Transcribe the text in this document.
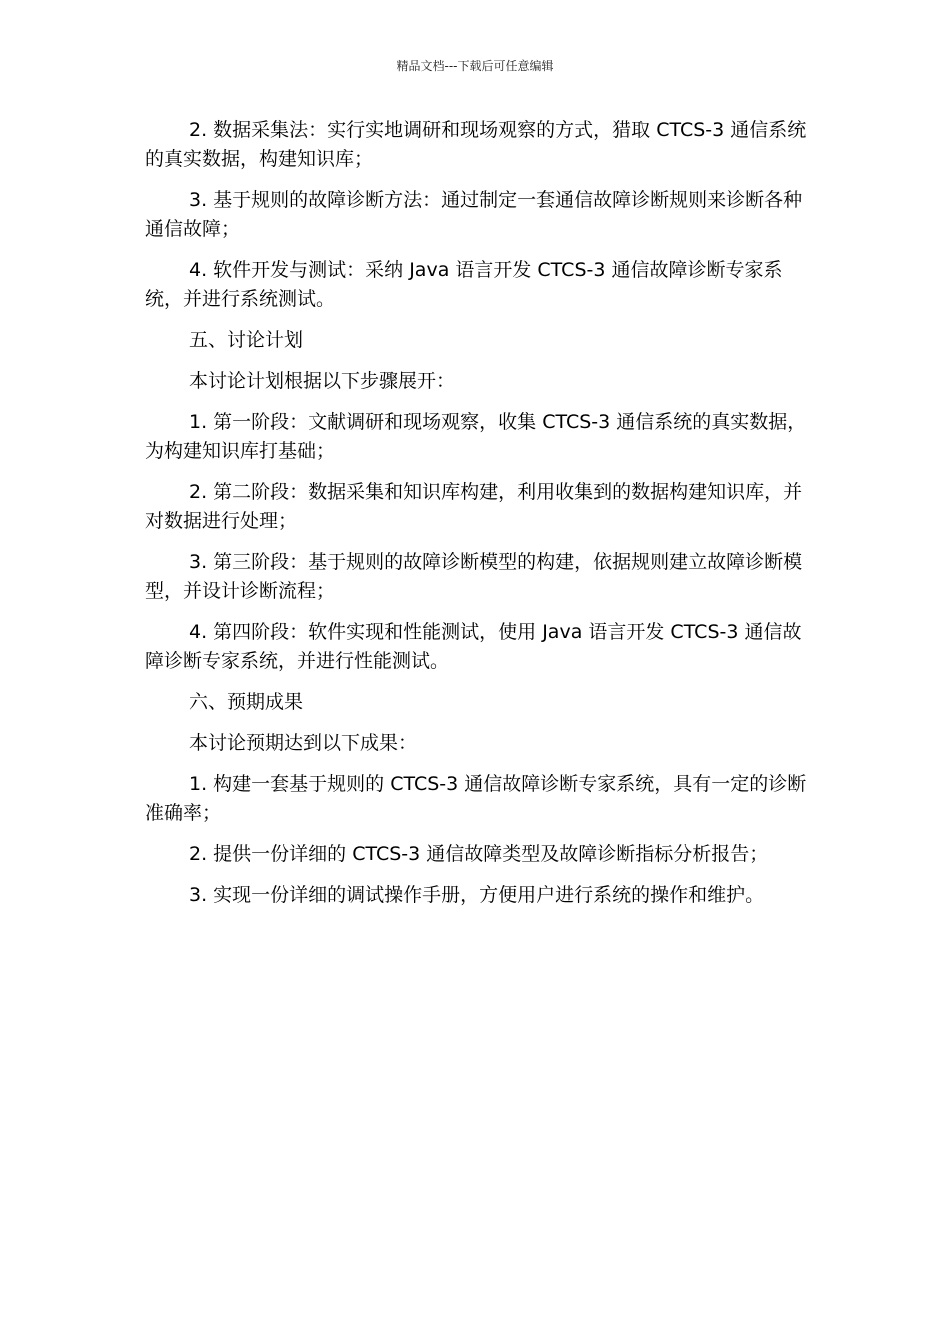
精品文档---下载后可任意编辑

2. 数据采集法：实行实地调研和现场观察的方式，猎取 CTCS-3 通信系统的真实数据，构建知识库；

3. 基于规则的故障诊断方法：通过制定一套通信故障诊断规则来诊断各种通信故障；

4. 软件开发与测试：采纳 Java 语言开发 CTCS-3 通信故障诊断专家系统，并进行系统测试。

五、讨论计划

本讨论计划根据以下步骤展开：

1. 第一阶段：文献调研和现场观察，收集 CTCS-3 通信系统的真实数据，为构建知识库打基础；

2. 第二阶段：数据采集和知识库构建，利用收集到的数据构建知识库，并对数据进行处理；

3. 第三阶段：基于规则的故障诊断模型的构建，依据规则建立故障诊断模型，并设计诊断流程；

4. 第四阶段：软件实现和性能测试，使用 Java 语言开发 CTCS-3 通信故障诊断专家系统，并进行性能测试。

六、预期成果

本讨论预期达到以下成果：

1. 构建一套基于规则的 CTCS-3 通信故障诊断专家系统，具有一定的诊断准确率；

2. 提供一份详细的 CTCS-3 通信故障类型及故障诊断指标分析报告；

3. 实现一份详细的调试操作手册，方便用户进行系统的操作和维护。
